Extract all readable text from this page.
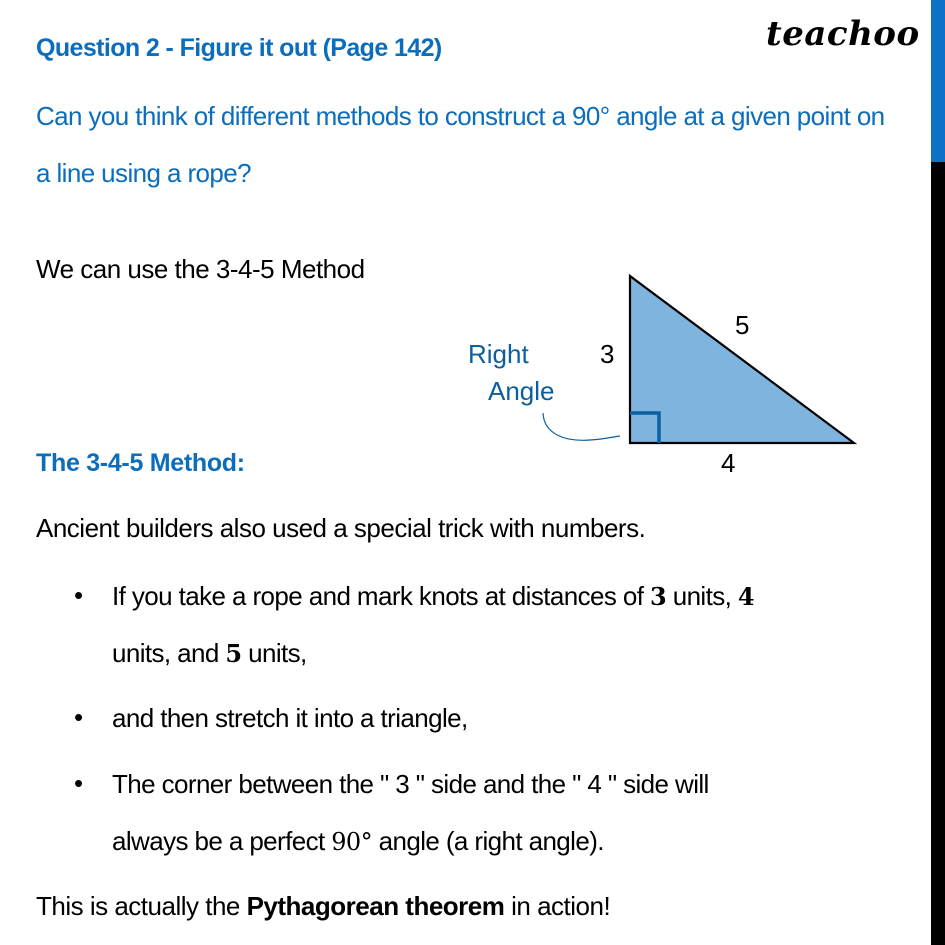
teachoo
Question 2 - Figure it out (Page 142)
Can you think of different methods to construct a 90° angle at a given point on a line using a rope?
We can use the 3-4-5 Method
3
5
4
Right
Angle
The 3-4-5 Method:
Ancient builders also used a special trick with numbers.
• If you take a rope and mark knots at distances of 3 units, 4
units, and 5 units,
• and then stretch it into a triangle,
• The corner between the " 3 " side and the " 4 " side will
always be a perfect 90° angle (a right angle).
This is actually the Pythagorean theorem in action!
